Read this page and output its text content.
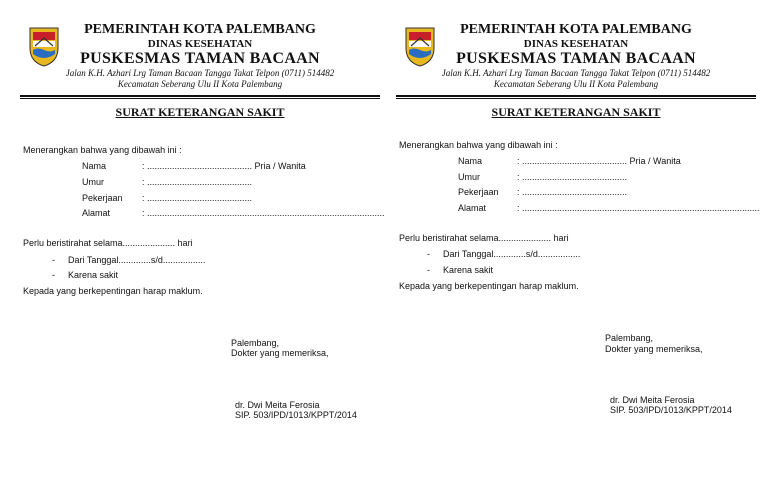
PEMERINTAH KOTA PALEMBANG
DINAS KESEHATAN
PUSKESMAS TAMAN BACAAN
Jalan K.H. Azhari Lrg Taman Bacaan Tangga Takat Telpon (0711) 514482
Kecamatan Seberang Ulu II Kota Palembang
SURAT KETERANGAN SAKIT
Menerangkan bahwa yang dibawah ini :
Nama	: .......................................... Pria / Wanita
Umur	: ..........................................
Pekerjaan : ..........................................
Alamat	: ...............................................................................................
Perlu beristirahat selama..................... hari
- Dari Tanggal.............s/d.................
- Karena sakit
Kepada yang berkepentingan harap maklum.
Palembang,
Dokter yang memeriksa,
dr. Dwi Meita Ferosia
SIP. 503/IPD/1013/KPPT/2014
PEMERINTAH KOTA PALEMBANG
DINAS KESEHATAN
PUSKESMAS TAMAN BACAAN
Jalan K.H. Azhari Lrg Taman Bacaan Tangga Takat Telpon (0711) 514482
Kecamatan Seberang Ulu II Kota Palembang
SURAT KETERANGAN SAKIT
Menerangkan bahwa yang dibawah ini :
Nama	: .......................................... Pria / Wanita
Umur	: ..........................................
Pekerjaan : ..........................................
Alamat	: ...............................................................................................
Perlu beristirahat selama..................... hari
- Dari Tanggal.............s/d.................
- Karena sakit
Kepada yang berkepentingan harap maklum.
Palembang,
Dokter yang memeriksa,
dr. Dwi Meita Ferosia
SIP. 503/IPD/1013/KPPT/2014
